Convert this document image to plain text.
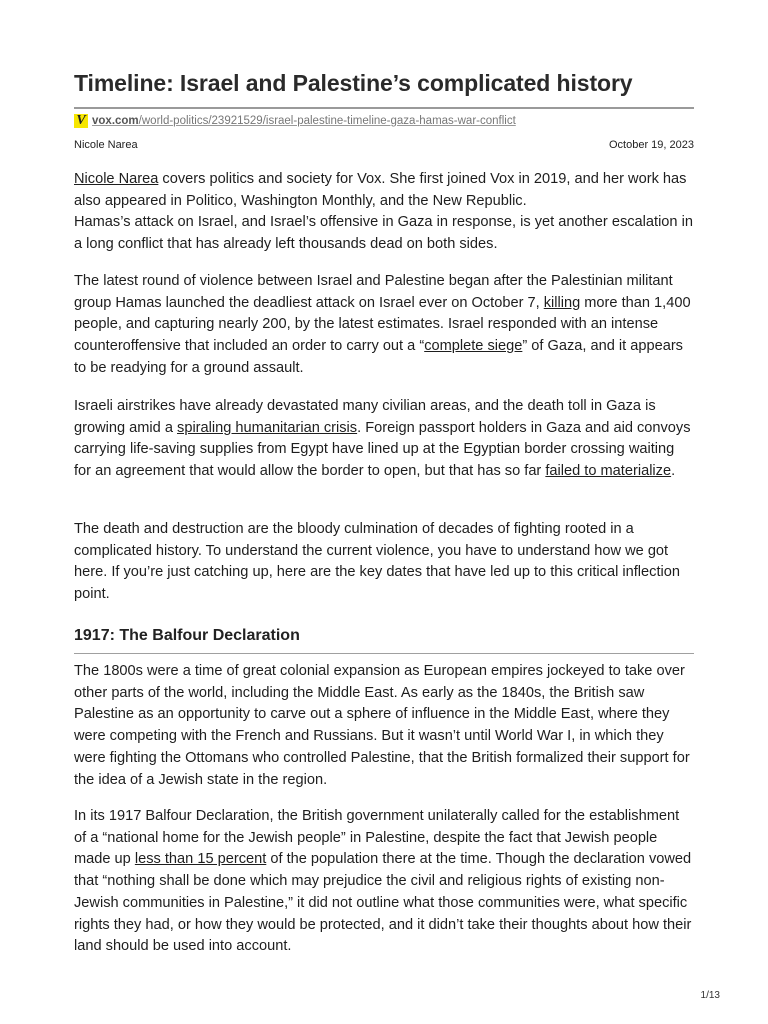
Timeline: Israel and Palestine’s complicated history
V vox.com/world-politics/23921529/israel-palestine-timeline-gaza-hamas-war-conflict
Nicole Narea	October 19, 2023

Nicole Narea covers politics and society for Vox. She first joined Vox in 2019, and her work has also appeared in Politico, Washington Monthly, and the New Republic.
Hamas’s attack on Israel, and Israel’s offensive in Gaza in response, is yet another escalation in a long conflict that has already left thousands dead on both sides.

The latest round of violence between Israel and Palestine began after the Palestinian militant group Hamas launched the deadliest attack on Israel ever on October 7, killing more than 1,400 people, and capturing nearly 200, by the latest estimates. Israel responded with an intense counteroffensive that included an order to carry out a “complete siege” of Gaza, and it appears to be readying for a ground assault.

Israeli airstrikes have already devastated many civilian areas, and the death toll in Gaza is growing amid a spiraling humanitarian crisis. Foreign passport holders in Gaza and aid convoys carrying life-saving supplies from Egypt have lined up at the Egyptian border crossing waiting for an agreement that would allow the border to open, but that has so far failed to materialize.

The death and destruction are the bloody culmination of decades of fighting rooted in a complicated history. To understand the current violence, you have to understand how we got here. If you’re just catching up, here are the key dates that have led up to this critical inflection point.

1917: The Balfour Declaration

The 1800s were a time of great colonial expansion as European empires jockeyed to take over other parts of the world, including the Middle East. As early as the 1840s, the British saw Palestine as an opportunity to carve out a sphere of influence in the Middle East, where they were competing with the French and Russians. But it wasn’t until World War I, in which they were fighting the Ottomans who controlled Palestine, that the British formalized their support for the idea of a Jewish state in the region.

In its 1917 Balfour Declaration, the British government unilaterally called for the establishment of a “national home for the Jewish people” in Palestine, despite the fact that Jewish people made up less than 15 percent of the population there at the time. Though the declaration vowed that “nothing shall be done which may prejudice the civil and religious rights of existing non-Jewish communities in Palestine,” it did not outline what those communities were, what specific rights they had, or how they would be protected, and it didn’t take their thoughts about how their land should be used into account.

1/13
